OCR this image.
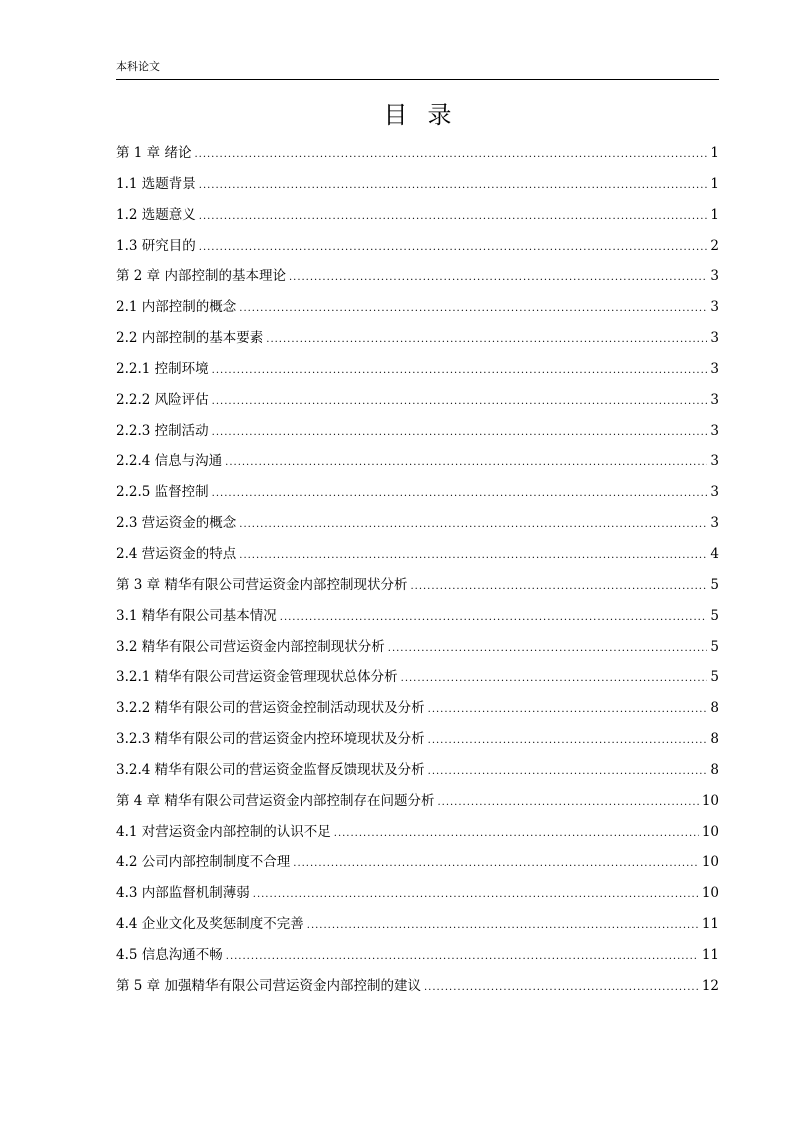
本科论文
目录
第 1 章 绪论 .....	1
1.1 选题背景 .....	1
1.2 选题意义 .....	1
1.3 研究目的 .....	2
第 2 章 内部控制的基本理论 .....	3
2.1 内部控制的概念 .....	3
2.2 内部控制的基本要素 .....	3
2.2.1 控制环境 .....	3
2.2.2 风险评估 .....	3
2.2.3 控制活动 .....	3
2.2.4 信息与沟通 .....	3
2.2.5 监督控制 .....	3
2.3 营运资金的概念 .....	3
2.4 营运资金的特点 .....	4
第 3 章 精华有限公司营运资金内部控制现状分析 .....	5
3.1 精华有限公司基本情况 .....	5
3.2 精华有限公司营运资金内部控制现状分析 .....	5
3.2.1 精华有限公司营运资金管理现状总体分析 .....	5
3.2.2 精华有限公司的营运资金控制活动现状及分析 .....	8
3.2.3 精华有限公司的营运资金内控环境现状及分析 .....	8
3.2.4 精华有限公司的营运资金监督反馈现状及分析 .....	8
第 4 章 精华有限公司营运资金内部控制存在问题分析 .....	10
4.1 对营运资金内部控制的认识不足 .....	10
4.2 公司内部控制制度不合理 .....	10
4.3 内部监督机制薄弱 .....	10
4.4 企业文化及奖惩制度不完善 .....	11
4.5 信息沟通不畅 .....	11
第 5 章 加强精华有限公司营运资金内部控制的建议 .....	12
